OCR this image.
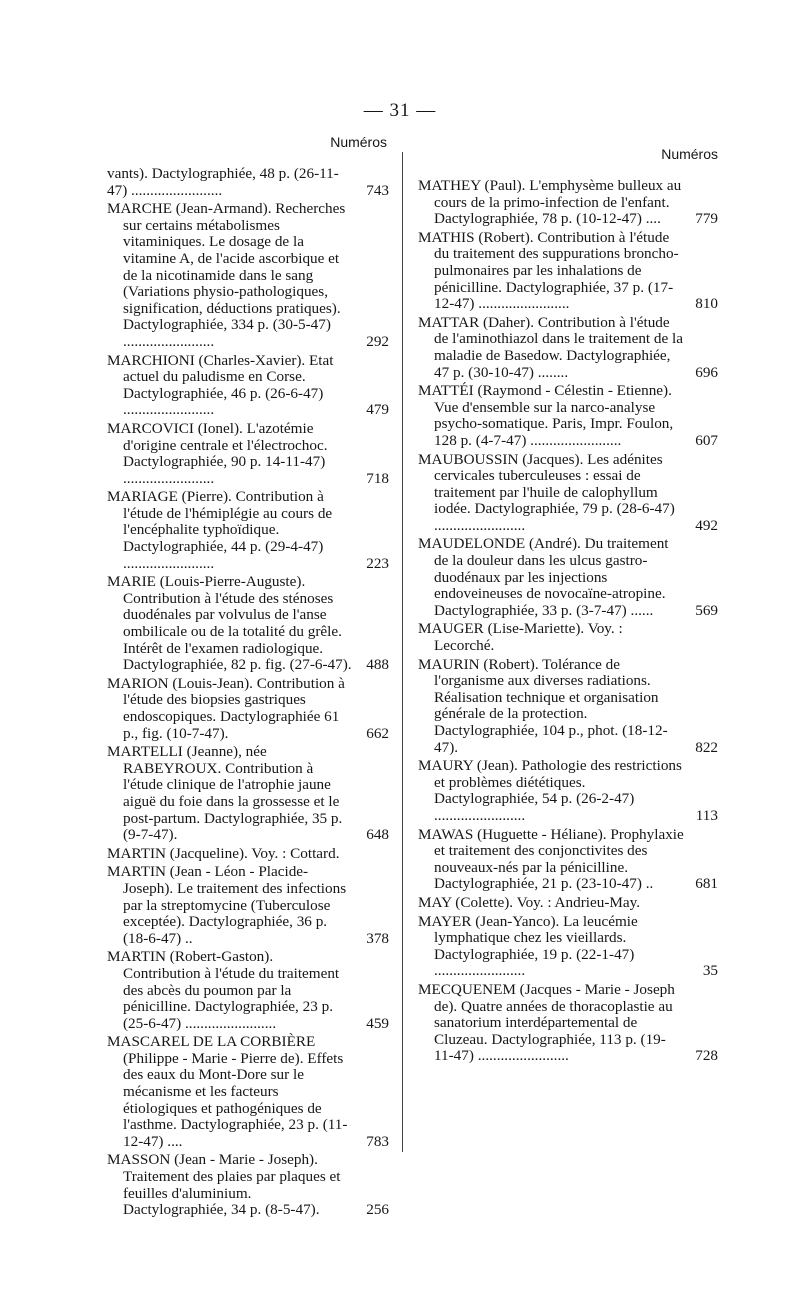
— 31 —
Numéros
vants). Dactylographiée, 48 p. (26-11-47) ........................	743
MARCHE (Jean-Armand). Recherches sur certains métabolismes vitaminiques. Le dosage de la vitamine A, de l'acide ascorbique et de la nicotinamide dans le sang (Variations physio-pathologiques, signification, déductions pratiques). Dactylographiée, 334 p. (30-5-47) ........................	292
MARCHIONI (Charles-Xavier). Etat actuel du paludisme en Corse. Dactylographiée, 46 p. (26-6-47) ........................	479
MARCOVICI (Ionel). L'azotémie d'origine centrale et l'électrochoc. Dactylographiée, 90 p. 14-11-47) ........................	718
MARIAGE (Pierre). Contribution à l'étude de l'hémiplégie au cours de l'encéphalite typhoïdique. Dactylographiée, 44 p. (29-4-47) ........................	223
MARIE (Louis-Pierre-Auguste). Contribution à l'étude des sténoses duodénales par volvulus de l'anse ombilicale ou de la totalité du grêle. Intérêt de l'examen radiologique. Dactylographiée, 82 p. fig. (27-6-47). 488
MARION (Louis-Jean). Contribution à l'étude des biopsies gastriques endoscopiques. Dactylographiée 61 p., fig. (10-7-47).	662
MARTELLI (Jeanne), née RABEYROUX. Contribution à l'étude clinique de l'atrophie jaune aiguë du foie dans la grossesse et le post-partum. Dactylographiée, 35 p. (9-7-47).	648
MARTIN (Jacqueline). Voy. : Cottard.
MARTIN (Jean - Léon - Placide-Joseph). Le traitement des infections par la streptomycine (Tuberculose exceptée). Dactylographiée, 36 p. (18-6-47) ..	378
MARTIN (Robert-Gaston). Contribution à l'étude du traitement des abcès du poumon par la pénicilline. Dactylographiée, 23 p. (25-6-47) ........................	459
MASCAREL DE LA CORBIÈRE (Philippe - Marie - Pierre de). Effets des eaux du Mont-Dore sur le mécanisme et les facteurs étiologiques et pathogéniques de l'asthme. Dactylographiée, 23 p. (11-12-47) ....	783
MASSON (Jean - Marie - Joseph). Traitement des plaies par plaques et feuilles d'aluminium. Dactylographiée, 34 p. (8-5-47).	256
Numéros
MATHEY (Paul). L'emphysème bulleux au cours de la primo-infection de l'enfant. Dactylographiée, 78 p. (10-12-47) ....	779
MATHIS (Robert). Contribution à l'étude du traitement des suppurations broncho-pulmonaires par les inhalations de pénicilline. Dactylographiée, 37 p. (17-12-47) ........................	810
MATTAR (Daher). Contribution à l'étude de l'aminothiazol dans le traitement de la maladie de Basedow. Dactylographiée, 47 p. (30-10-47) ........	696
MATTÉI (Raymond - Célestin - Etienne). Vue d'ensemble sur la narco-analyse psycho-somatique. Paris, Impr. Foulon, 128 p. (4-7-47) ........................	607
MAUBOUSSIN (Jacques). Les adénites cervicales tuberculeuses : essai de traitement par l'huile de calophyllum iodée. Dactylographiée, 79 p. (28-6-47) ........................	492
MAUDELONDE (André). Du traitement de la douleur dans les ulcus gastro-duodénaux par les injections endoveineuses de novocaïne-atropine. Dactylographiée, 33 p. (3-7-47) ......	569
MAUGER (Lise-Mariette). Voy. : Lecorché.
MAURIN (Robert). Tolérance de l'organisme aux diverses radiations. Réalisation technique et organisation générale de la protection. Dactylographiée, 104 p., phot. (18-12-47).	822
MAURY (Jean). Pathologie des restrictions et problèmes diététiques. Dactylographiée, 54 p. (26-2-47) ........................	113
MAWAS (Huguette - Héliane). Prophylaxie et traitement des conjonctivites des nouveaux-nés par la pénicilline. Dactylographiée, 21 p. (23-10-47) ..	681
MAY (Colette). Voy. : Andrieu-May.
MAYER (Jean-Yanco). La leucémie lymphatique chez les vieillards. Dactylographiée, 19 p. (22-1-47) ........................	35
MECQUENEM (Jacques - Marie - Joseph de). Quatre années de thoracoplastie au sanatorium interdépartemental de Cluzeau. Dactylographiée, 113 p. (19-11-47) ........................	728
